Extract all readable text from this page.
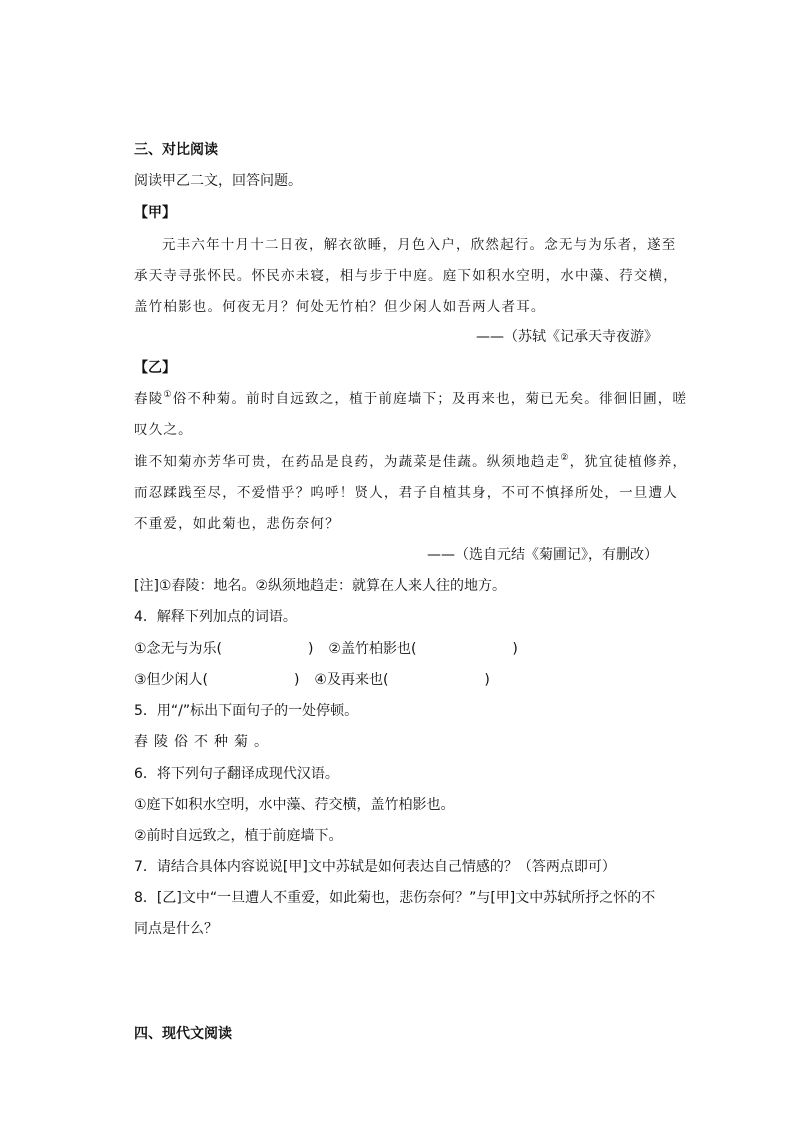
三、对比阅读
阅读甲乙二文，回答问题。
【甲】
元丰六年十月十二日夜，解衣欲睡，月色入户，欣然起行。念无与为乐者，遂至
承天寺寻张怀民。怀民亦未寝，相与步于中庭。庭下如积水空明，水中藻、荇交横，
盖竹柏影也。何夜无月？何处无竹柏？但少闲人如吾两人者耳。
——（苏轼《记承天寺夜游》
【乙】
舂陵①俗不种菊。前时自远致之，植于前庭墙下；及再来也，菊已无矣。徘徊旧圃，嗟
叹久之。
谁不知菊亦芳华可贵，在药品是良药，为蔬菜是佳蔬。纵须地趋走②，犹宜徒植修养，
而忍蹂践至尽，不爱惜乎？呜呼！贤人，君子自植其身，不可不慎择所处，一旦遭人
不重爱，如此菊也，悲伤奈何？
——（选自元结《菊圃记》，有删改）
[注]①舂陵：地名。②纵须地趋走：就算在人来人往的地方。
4．解释下列加点的词语。
①念无与为乐(	) ②盖竹柏影也(	)
③但少闲人(	) ④及再来也(	)
5．用“/”标出下面句子的一处停顿。
舂陵俗不种菊。
6．将下列句子翻译成现代汉语。
①庭下如积水空明，水中藻、荇交横，盖竹柏影也。
②前时自远致之，植于前庭墙下。
7．请结合具体内容说说[甲]文中苏轼是如何表达自己情感的？（答两点即可）
8．[乙]文中“一旦遭人不重爱，如此菊也，悲伤奈何？”与[甲]文中苏轼所抒之怀的不
同点是什么？
四、现代文阅读
